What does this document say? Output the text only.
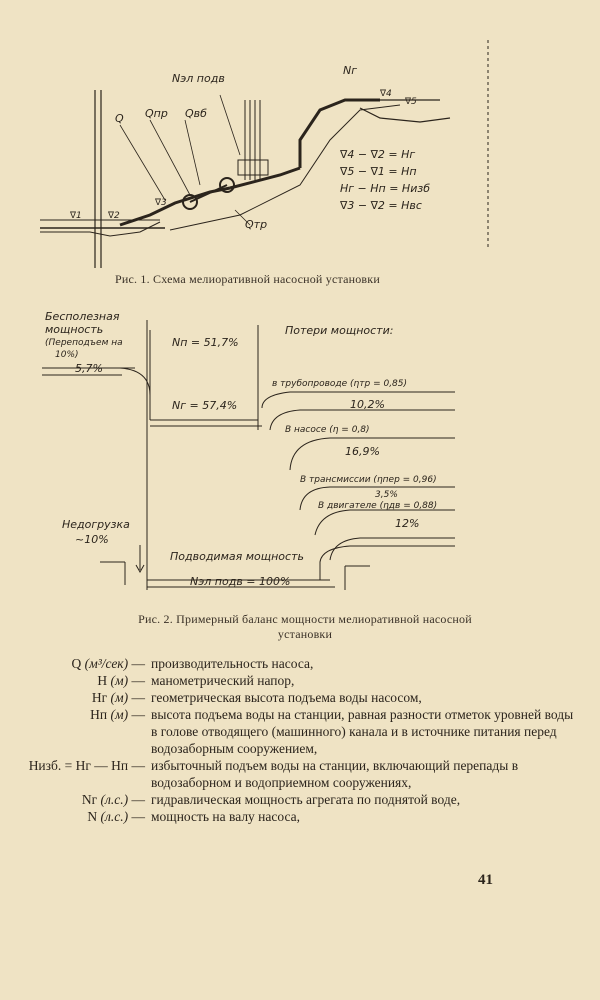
Nэл подв
Nг
Q Qпр Qвб
Qтр
∇1	∇2
∇3
∇4
∇5
∇4 − ∇2 = Hг
∇5 − ∇1 = Hп
Hг − Hп = Hизб
∇3 − ∇2 = Hвс
Бесполезная
мощность
(Переподъем на
10%)
5,7%
Nп = 51,7%
Nг = 57,4%
Потери мощности:
в трубопроводе (ηтр = 0,85)
10,2%
В насосе (η = 0,8)
16,9%
В трансмиссии (ηпер = 0,96)
3,5%
В двигателе (ηдв = 0,88)
12%
Недогрузка
~10%
Подводимая мощность
Nэл подв = 100%
Рис. 1. Схема мелиоративной насосной установки
Рис. 2. Примерный баланс мощности мелиоративной насосной
установки
Q (м³/сек) — производительность насоса,
H (м) — манометрический напор,
Hг (м) — геометрическая высота подъема воды насосом,
Hп (м) — высота подъема воды на станции, равная разности отметок уровней воды в голове отводящего (машинного) канала и в источнике питания перед водозаборным сооружением,
Hизб. = Hг — Hп — избыточный подъем воды на станции, включающий перепады в водозаборном и водоприемном сооружениях,
Nг (л.с.) — гидравлическая мощность агрегата по поднятой воде,
N (л.с.) — мощность на валу насоса,
41
